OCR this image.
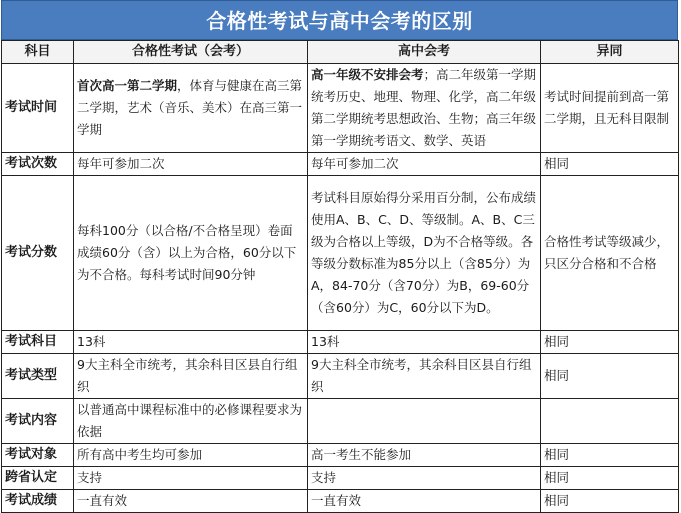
合格性考试与高中会考的区别
科目	合格性考试（会考）	高中会考	异同
考试时间	首次高一第二学期，体育与健康在高三第二学期，艺术（音乐、美术）在高三第一学期	高一年级不安排会考；高二年级第一学期统考历史、地理、物理、化学，高二年级第二学期统考思想政治、生物；高三年级第一学期统考语文、数学、英语	考试时间提前到高一第二学期，且无科目限制
考试次数	每年可参加二次	每年可参加二次	相同
考试分数	每科100分（以合格/不合格呈现）卷面成绩60分（含）以上为合格，60分以下为不合格。每科考试时间90分钟	考试科目原始得分采用百分制，公布成绩使用A、B、C、D、等级制。A、B、C三级为合格以上等级，D为不合格等级。各等级分数标准为85分以上（含85分）为A，84-70分（含70分）为B，69-60分（含60分）为C，60分以下为D。	合格性考试等级减少，只区分合格和不合格
考试科目	13科	13科	相同
考试类型	9大主科全市统考，其余科目区县自行组织	9大主科全市统考，其余科目区县自行组织	相同
考试内容	以普通高中课程标准中的必修课程要求为依据		
考试对象	所有高中考生均可参加	高一考生不能参加	相同
跨省认定	支持	支持	相同
考试成绩	一直有效	一直有效	相同
